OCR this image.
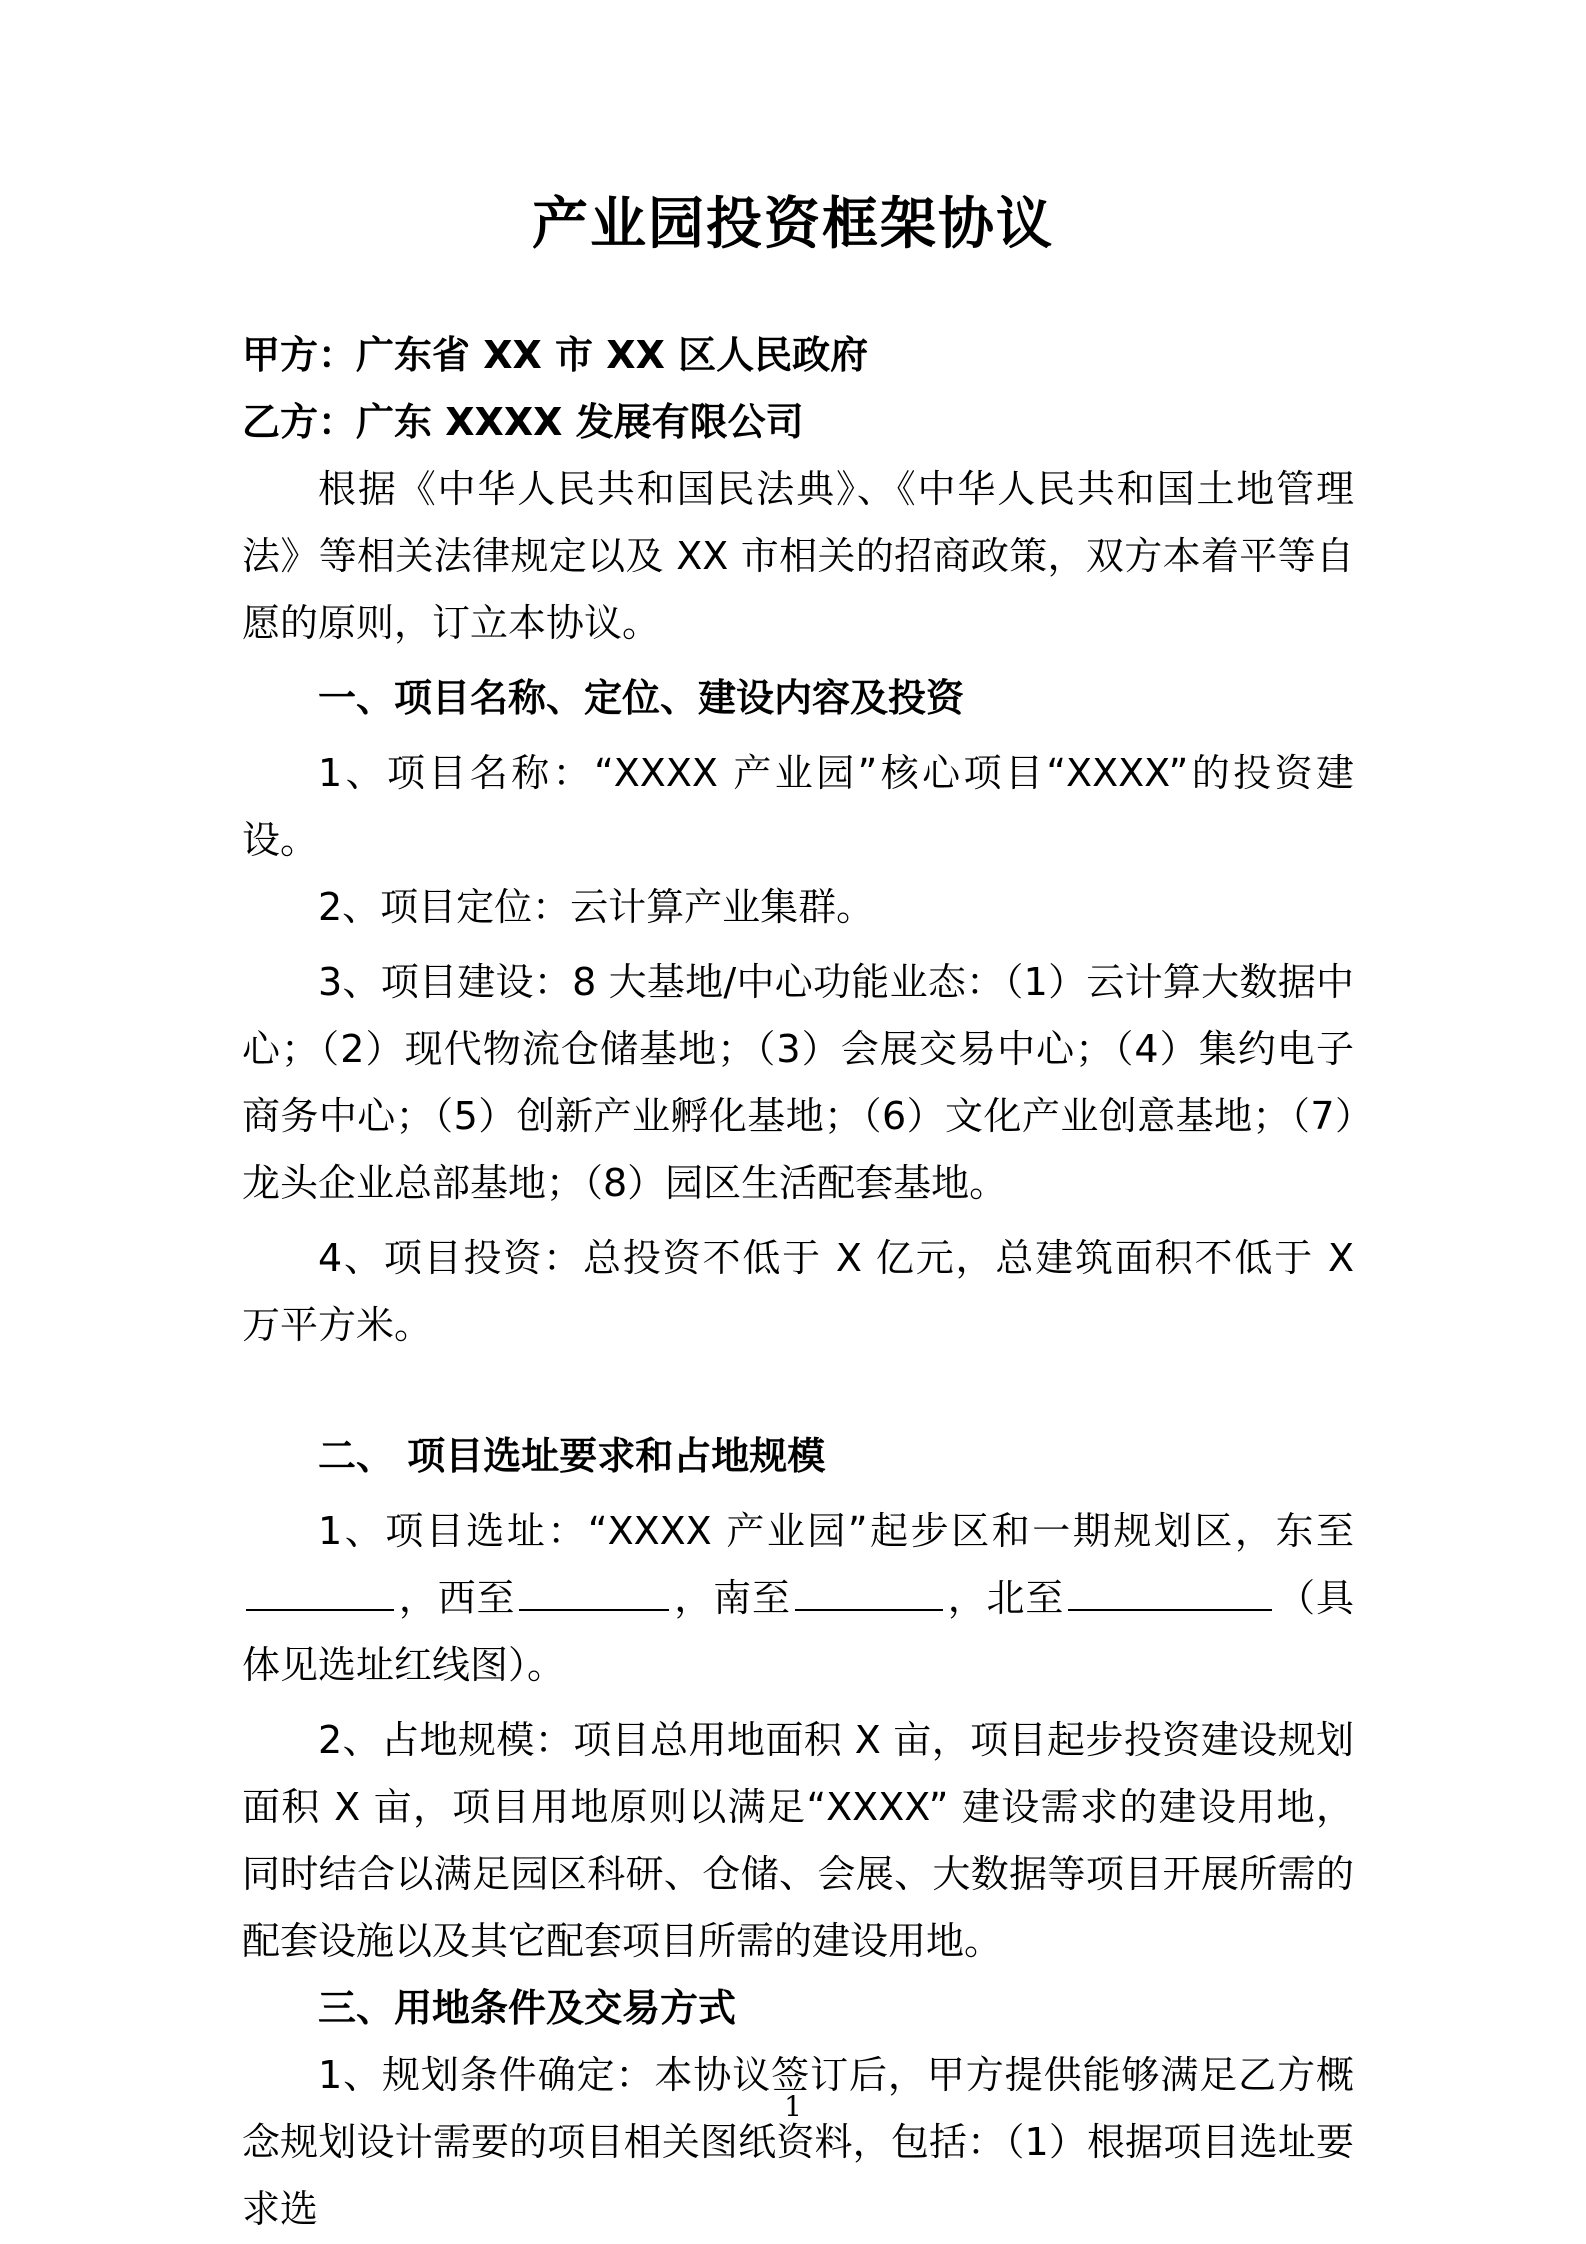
产业园投资框架协议

甲方：广东省 XX 市 XX 区人民政府

乙方：广东 XXXX 发展有限公司

根据《中华人民共和国民法典》、《中华人民共和国土地管理法》等相关法律规定以及 XX 市相关的招商政策，双方本着平等自愿的原则，订立本协议。

一、项目名称、定位、建设内容及投资

1、项目名称：“XXXX 产业园”核心项目“XXXX”的投资建设。

2、项目定位：云计算产业集群。

3、项目建设：8 大基地/中心功能业态：（1）云计算大数据中心；（2）现代物流仓储基地；（3）会展交易中心；（4）集约电子商务中心；（5）创新产业孵化基地；（6）文化产业创意基地；（7）龙头企业总部基地；（8）园区生活配套基地。

4、项目投资：总投资不低于 X 亿元，总建筑面积不低于 X 万平方米。

二、 项目选址要求和占地规模

1、项目选址：“XXXX 产业园”起步区和一期规划区，东至，西至	，南至	，北至	（具体见选址红线图）。

2、占地规模：项目总用地面积 X 亩，项目起步投资建设规划面积 X 亩，项目用地原则以满足“XXXX” 建设需求的建设用地，同时结合以满足园区科研、仓储、会展、大数据等项目开展所需的配套设施以及其它配套项目所需的建设用地。

三、用地条件及交易方式

1、规划条件确定：本协议签订后，甲方提供能够满足乙方概念规划设计需要的项目相关图纸资料，包括：（1）根据项目选址要求选

1
